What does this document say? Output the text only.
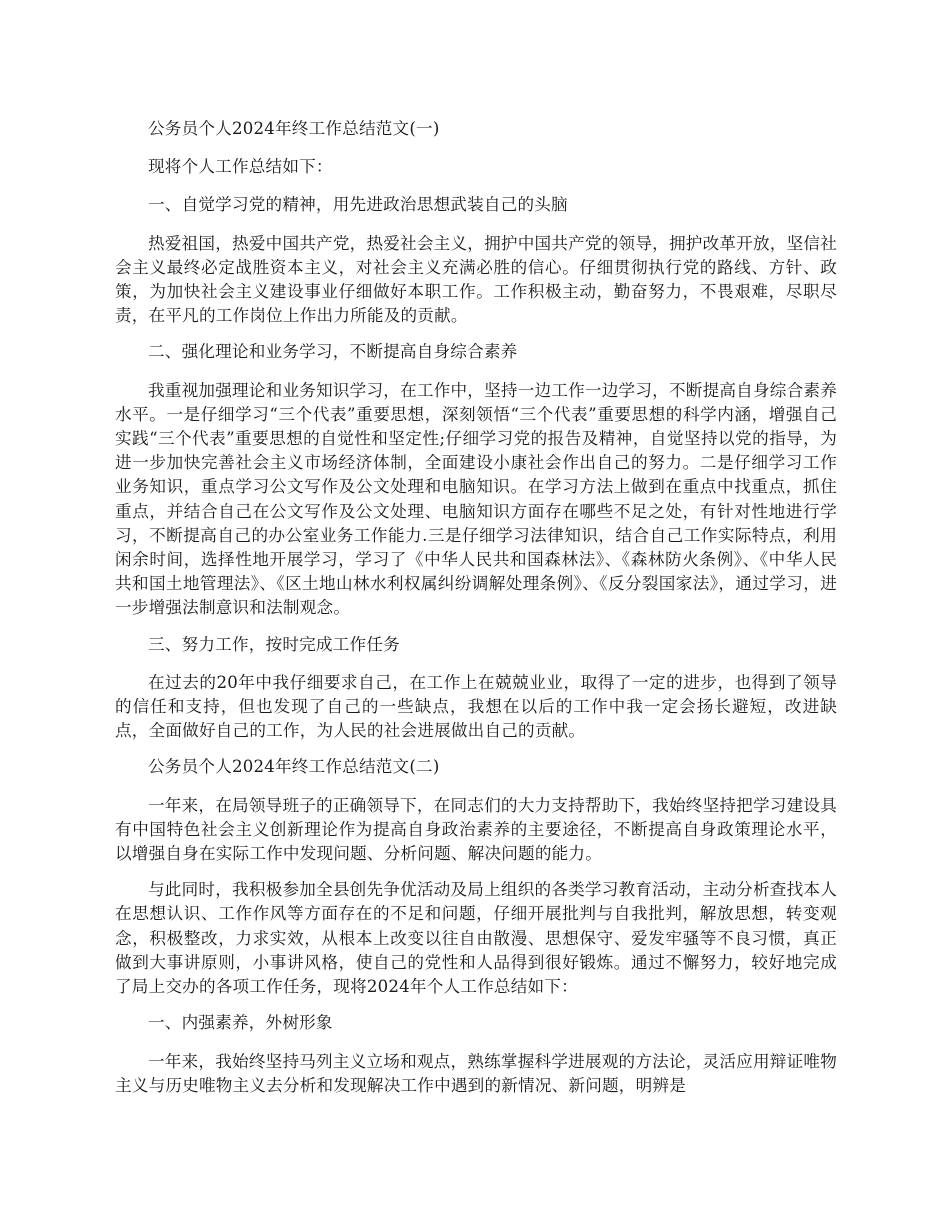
公务员个人2024年终工作总结范文(一)

现将个人工作总结如下：

一、自觉学习党的精神，用先进政治思想武装自己的头脑

热爱祖国，热爱中国共产党，热爱社会主义，拥护中国共产党的领导，拥护改革开放，坚信社会主义最终必定战胜资本主义，对社会主义充满必胜的信心。仔细贯彻执行党的路线、方针、政策，为加快社会主义建设事业仔细做好本职工作。工作积极主动，勤奋努力，不畏艰难，尽职尽责，在平凡的工作岗位上作出力所能及的贡献。

二、强化理论和业务学习，不断提高自身综合素养

我重视加强理论和业务知识学习，在工作中，坚持一边工作一边学习，不断提高自身综合素养水平。一是仔细学习“三个代表”重要思想，深刻领悟“三个代表”重要思想的科学内涵，增强自己实践“三个代表”重要思想的自觉性和坚定性;仔细学习党的报告及精神，自觉坚持以党的指导，为进一步加快完善社会主义市场经济体制，全面建设小康社会作出自己的努力。二是仔细学习工作业务知识，重点学习公文写作及公文处理和电脑知识。在学习方法上做到在重点中找重点，抓住重点，并结合自己在公文写作及公文处理、电脑知识方面存在哪些不足之处，有针对性地进行学习，不断提高自己的办公室业务工作能力.三是仔细学习法律知识，结合自己工作实际特点，利用闲余时间，选择性地开展学习，学习了《中华人民共和国森林法》、《森林防火条例》、《中华人民共和国土地管理法》、《区土地山林水利权属纠纷调解处理条例》、《反分裂国家法》，通过学习，进一步增强法制意识和法制观念。

三、努力工作，按时完成工作任务

在过去的20年中我仔细要求自己，在工作上在兢兢业业，取得了一定的进步，也得到了领导的信任和支持，但也发现了自己的一些缺点，我想在以后的工作中我一定会扬长避短，改进缺点，全面做好自己的工作，为人民的社会进展做出自己的贡献。

公务员个人2024年终工作总结范文(二)

一年来，在局领导班子的正确领导下，在同志们的大力支持帮助下，我始终坚持把学习建设具有中国特色社会主义创新理论作为提高自身政治素养的主要途径，不断提高自身政策理论水平，以增强自身在实际工作中发现问题、分析问题、解决问题的能力。

与此同时，我积极参加全县创先争优活动及局上组织的各类学习教育活动，主动分析查找本人在思想认识、工作作风等方面存在的不足和问题，仔细开展批判与自我批判，解放思想，转变观念，积极整改，力求实效，从根本上改变以往自由散漫、思想保守、爱发牢骚等不良习惯，真正做到大事讲原则，小事讲风格，使自己的党性和人品得到很好锻炼。通过不懈努力，较好地完成了局上交办的各项工作任务，现将2024年个人工作总结如下：

一、内强素养，外树形象

一年来，我始终坚持马列主义立场和观点，熟练掌握科学进展观的方法论，灵活应用辩证唯物主义与历史唯物主义去分析和发现解决工作中遇到的新情况、新问题，明辨是
